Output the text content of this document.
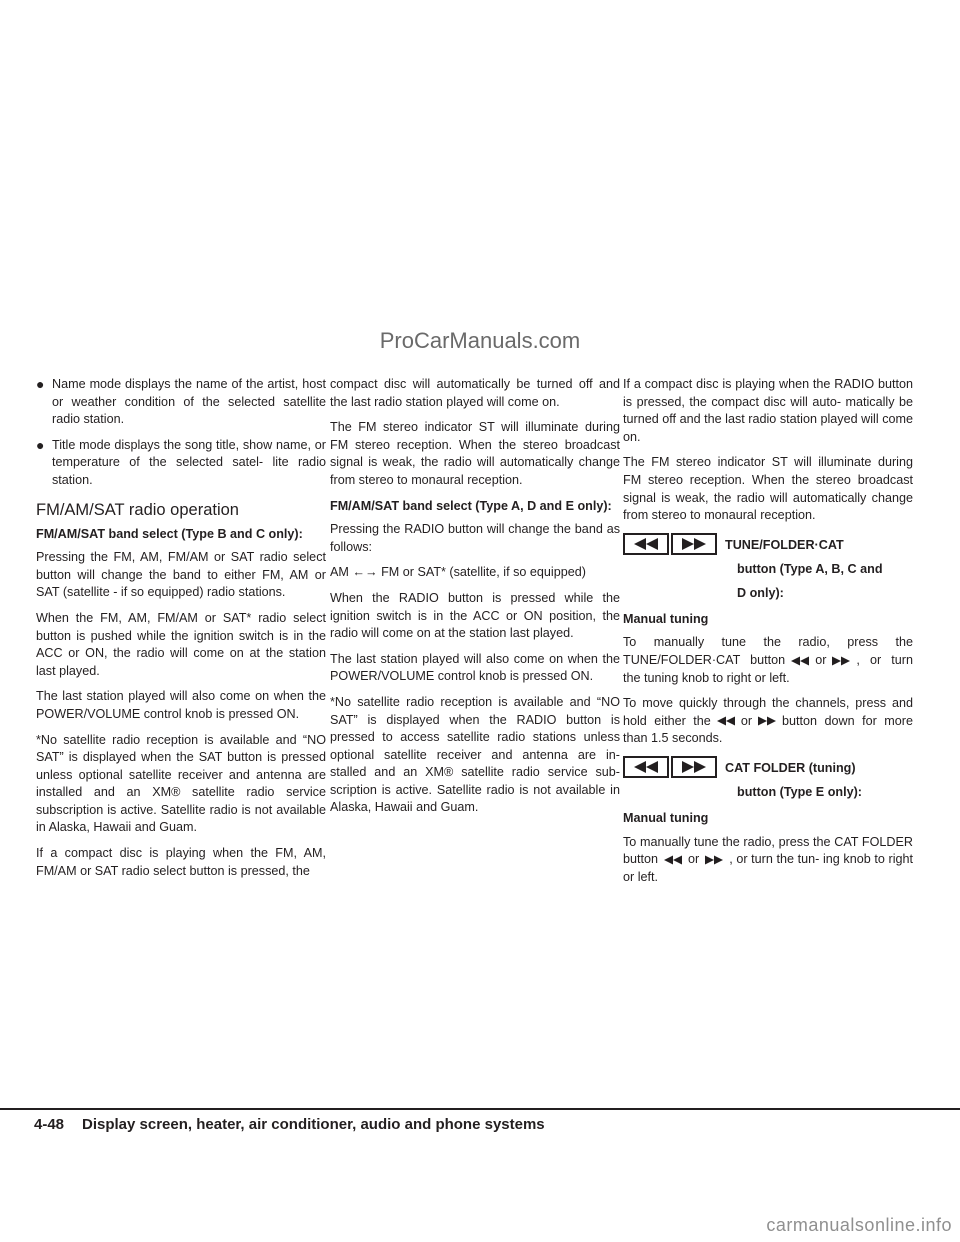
ProCarManuals.com
● Name mode displays the name of the artist, host or weather condition of the selected satellite radio station.
● Title mode displays the song title, show name, or temperature of the selected satel- lite radio station.
FM/AM/SAT radio operation
FM/AM/SAT band select (Type B and C only):

Pressing the FM, AM, FM/AM or SAT radio select button will change the band to either FM, AM or SAT (satellite - if so equipped) radio stations.

When the FM, AM, FM/AM or SAT* radio select button is pushed while the ignition switch is in the ACC or ON, the radio will come on at the station last played.

The last station played will also come on when the POWER/VOLUME control knob is pressed ON.

*No satellite radio reception is available and “NO SAT” is displayed when the SAT button is pressed unless optional satellite receiver and antenna are installed and an XM® satellite radio service subscription is active. Satellite radio is not available in Alaska, Hawaii and Guam.

If a compact disc is playing when the FM, AM, FM/AM or SAT radio select button is pressed, the

compact disc will automatically be turned off and the last radio station played will come on.

The FM stereo indicator ST will illuminate during FM stereo reception. When the stereo broadcast signal is weak, the radio will automatically change from stereo to monaural reception.

FM/AM/SAT band select (Type A, D and E only):

Pressing the RADIO button will change the band as follows:

AM ←→ FM or SAT* (satellite, if so equipped)

When the RADIO button is pressed while the ignition switch is in the ACC or ON position, the radio will come on at the station last played.

The last station played will also come on when the POWER/VOLUME control knob is pressed ON.

*No satellite radio reception is available and “NO SAT” is displayed when the RADIO button is pressed to access satellite radio stations unless optional satellite receiver and antenna are in- stalled and an XM® satellite radio service sub- scription is active. Satellite radio is not available in Alaska, Hawaii and Guam.

If a compact disc is playing when the RADIO button is pressed, the compact disc will auto- matically be turned off and the last radio station played will come on.

The FM stereo indicator ST will illuminate during FM stereo reception. When the stereo broadcast signal is weak, the radio will automatically change from stereo to monaural reception.

TUNE/FOLDER·CAT
button (Type A, B, C and
D only):
Manual tuning

To manually tune the radio, press the TUNE/FOLDER·CAT button or , or turn the tuning knob to right or left.

To move quickly through the channels, press and hold either the or button down for more than 1.5 seconds.

CAT FOLDER (tuning)
button (Type E only):
Manual tuning

To manually tune the radio, press the CAT FOLDER button or , or turn the tun- ing knob to right or left.

4-48 Display screen, heater, air conditioner, audio and phone systems
carmanualsonline.info
